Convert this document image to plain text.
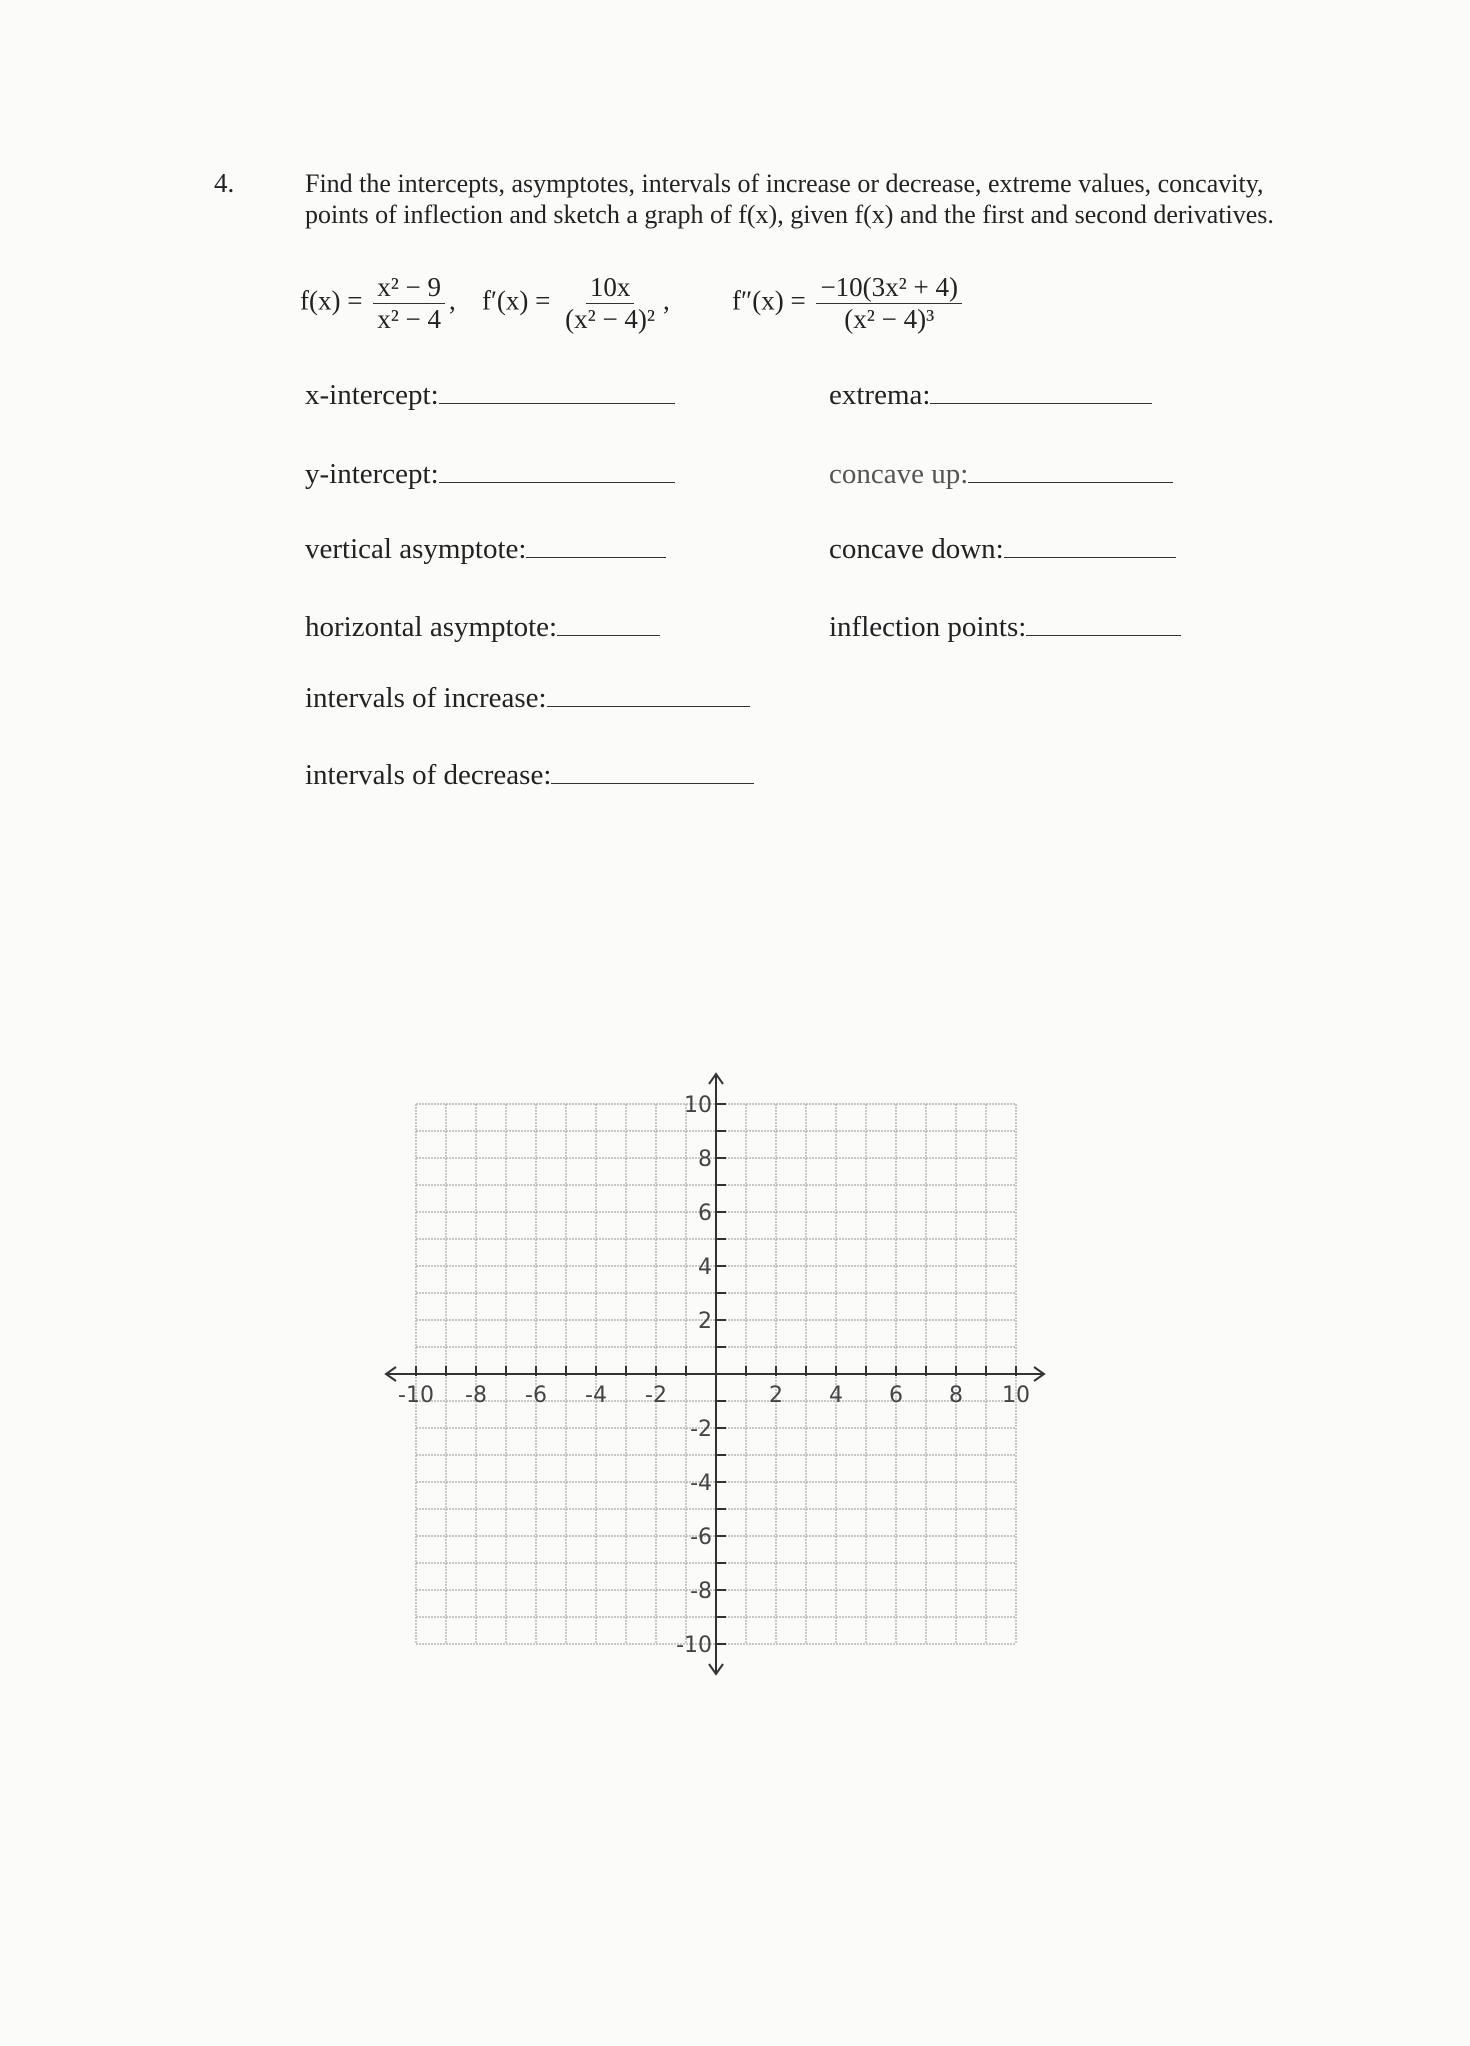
4.	Find the intercepts, asymptotes, intervals of increase or decrease, extreme values, concavity, points of inflection and sketch a graph of f(x), given f(x) and the first and second derivatives.
$f(x) = \frac{\text{x² − 9}}{\text{x² − 4}}$ , $f'(x) = \frac{10x}{\text{(x² − 4)²}}$ , $f''(x) = \frac{\text{−10(3x² + 4)}}{\text{(x² − 4)³}}$
x-intercept:
y-intercept:
vertical asymptote:
horizontal asymptote:
intervals of increase:
intervals of decrease:
extrema:
concave up:
concave down:
inflection points:
-10 -8 -6 -4 -2	2 4 6 8 10
10
8
6
4
2
-2
-4
-6
-8
-10
